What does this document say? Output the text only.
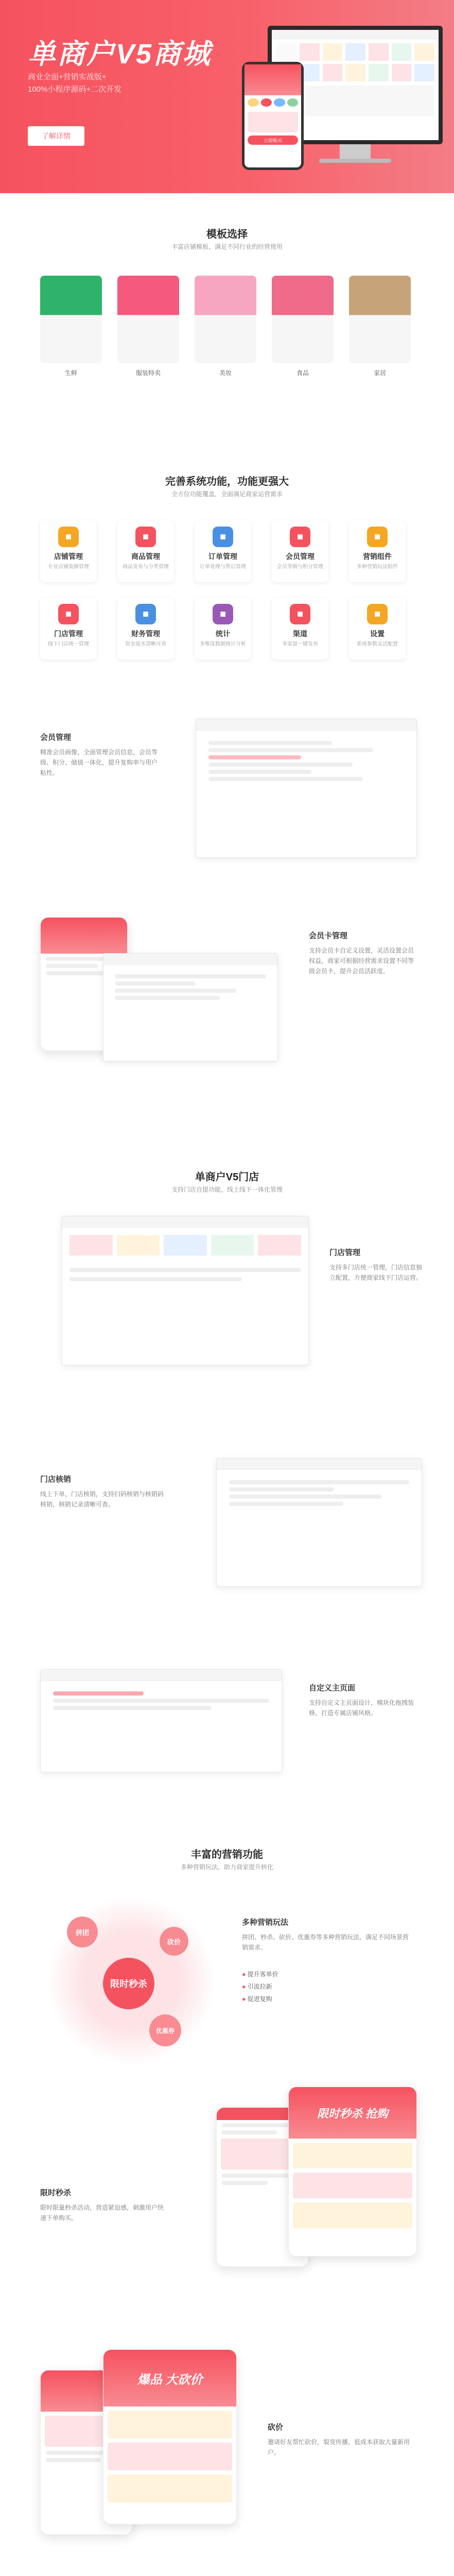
单商户V5商城
商业全面+营销实战版+
100%小程序源码+二次开发
了解详情
立即购买
模板选择
丰富店铺模板、满足不同行业的经营使用
生鲜	服装特卖	美妆	食品	家居
完善系统功能，功能更强大
全方位功能覆盖，全面满足商家运营需求
■
店铺管理
专业店铺装修管理
■
商品管理
商品发布与分类管理
■
订单管理
订单处理与售后管理
■
会员管理
会员等级与积分管理
■
营销组件
多种营销玩法组件
■
门店管理
线下门店统一管理
■
财务管理
资金流水清晰可查
■
统计
多维度数据统计分析
■
渠道
多渠道一键发布
■
设置
系统参数灵活配置
会员管理
精准会员画像，全面管理会员信息，会员等级、积分、储值一体化，提升复购率与用户粘性。
会员卡管理
支持会员卡自定义设置，灵活设置会员权益，商家可根据经营需求设置不同等级会员卡，提升会员活跃度。
单商户V5门店
支持门店自提功能，线上线下一体化管理
门店管理
支持多门店统一管理，门店信息独立配置，方便商家线下门店运营。
门店核销
线上下单，门店核销，支持扫码核销与核销码核销，核销记录清晰可查。
自定义主页面
支持自定义主页面设计，模块化拖拽装修，打造专属店铺风格。
丰富的营销功能
多种营销玩法，助力商家提升转化
限时秒杀
拼团
砍价
优惠券
多种营销玩法
拼团、秒杀、砍价、优惠券等多种营销玩法，满足不同场景营销需求。
● 提升客单价
● 引流拉新
● 促进复购
限时秒杀
限时限量秒杀活动，营造紧迫感，刺激用户快速下单购买。
限时秒杀 抢购
爆品 大砍价
砍价
邀请好友帮忙砍价，裂变传播，低成本获取大量新用户。
